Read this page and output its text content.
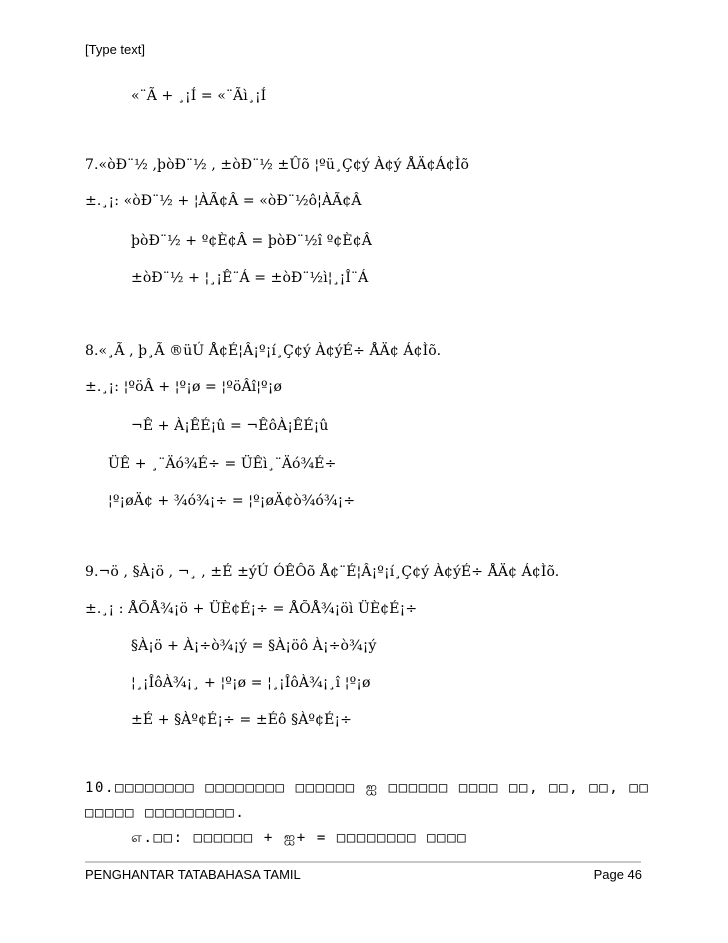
[Type text]
«¨Ã + ¸¡Í = «¨Ãì¸¡Í
7.«òÐ¨½ ,þòÐ¨½ , ±òÐ¨½ ±Ûõ ¦ºü¸Ç¢ý À¢ý ÅÄ¢Á¢Ìõ
±.¸¡: «òÐ¨½ + ¦ÀÃ¢Â = «òÐ¨½ô¦ÀÃ¢Â
þòÐ¨½ + º¢È¢Â = þòÐ¨½î º¢È¢Â
±òÐ¨½ + ¦¸¡Ê¨Á = ±òÐ¨½ì¦¸¡Î¨Á
8.«¸Ã , þ¸Ã ®üÚ Å¢É¦Â¡º¡í¸Ç¢ý À¢ýÉ÷ ÅÄ¢ Á¢Ìõ.
±.¸¡: ¦ºöÂ + ¦º¡ø = ¦ºöÂî¦º¡ø
¬Ê + À¡ÊÉ¡û = ¬ÊôÀ¡ÊÉ¡û
ÜÊ + ¸¨Äó¾É÷ = ÜÊì¸¨Äó¾É÷
¦º¡øÄ¢ + ¾ó¾¡÷ = ¦º¡øÄ¢ò¾ó¾¡÷
9.¬ö , §À¡ö , ¬¸ , ±É ±ýÚ ÓÊÔõ Å¢¨É¦Â¡º¡í¸Ç¢ý À¢ýÉ÷ ÅÄ¢ Á¢Ìõ.
±.¸¡ : ÅÕÅ¾¡ö + ÜÈ¢É¡÷ = ÅÕÅ¾¡öì ÜÈ¢É¡÷
§À¡ö + À¡÷ò¾¡ý = §À¡öô À¡÷ò¾¡ý
¦¸¡ÎôÀ¾¡¸ + ¦º¡ø = ¦¸¡ÎôÀ¾¡¸î ¦º¡ø
±É + §Àº¢É¡÷ = ±Éô §Àº¢É¡÷
10.□□□□□□□□ □□□□□□□□ □□□□□□ ஐ □□□□□□ □□□□ □□, □□, □□, □□
□□□□□ □□□□□□□□□.
எ.□□: □□□□□□ + ஐ+ = □□□□□□□□ □□□□
PENGHANTAR TATABAHASA TAMIL	Page 46
